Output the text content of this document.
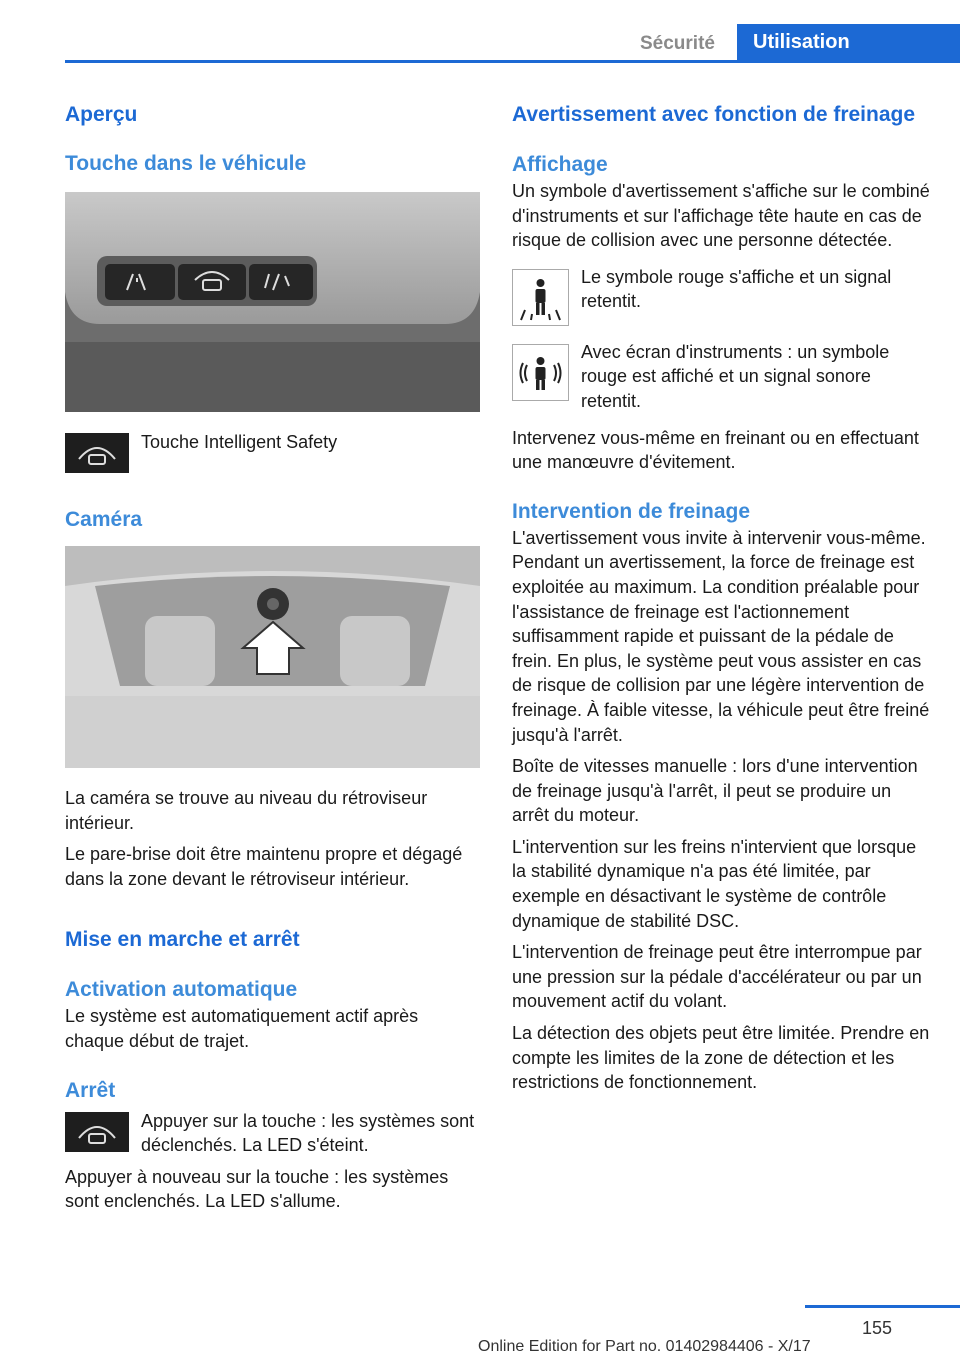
Sécurité	Utilisation
Aperçu
Touche dans le véhicule
Touche Intelligent Safety
Caméra
La caméra se trouve au niveau du rétroviseur intérieur.
Le pare-brise doit être maintenu propre et dégagé dans la zone devant le rétroviseur intérieur.
Mise en marche et arrêt
Activation automatique
Le système est automatiquement actif après chaque début de trajet.
Arrêt
Appuyer sur la touche : les systèmes sont déclenchés. La LED s'éteint.
Appuyer à nouveau sur la touche : les systèmes sont enclenchés. La LED s'allume.
Avertissement avec fonction de freinage
Affichage
Un symbole d'avertissement s'affiche sur le combiné d'instruments et sur l'affichage tête haute en cas de risque de collision avec une personne détectée.
Le symbole rouge s'affiche et un signal retentit.
Avec écran d'instruments : un symbole rouge est affiché et un signal sonore retentit.
Intervenez vous-même en freinant ou en effectuant une manœuvre d'évitement.
Intervention de freinage
L'avertissement vous invite à intervenir vous-même. Pendant un avertissement, la force de freinage est exploitée au maximum. La condition préalable pour l'assistance de freinage est l'actionnement suffisamment rapide et puissant de la pédale de frein. En plus, le système peut vous assister en cas de risque de collision par une légère intervention de freinage. À faible vitesse, la véhicule peut être freiné jusqu'à l'arrêt.
Boîte de vitesses manuelle : lors d'une intervention de freinage jusqu'à l'arrêt, il peut se produire un arrêt du moteur.
L'intervention sur les freins n'intervient que lorsque la stabilité dynamique n'a pas été limitée, par exemple en désactivant le système de contrôle dynamique de stabilité DSC.
L'intervention de freinage peut être interrompue par une pression sur la pédale d'accélérateur ou par un mouvement actif du volant.
La détection des objets peut être limitée. Prendre en compte les limites de la zone de détection et les restrictions de fonctionnement.
155
Online Edition for Part no. 01402984406 - X/17
